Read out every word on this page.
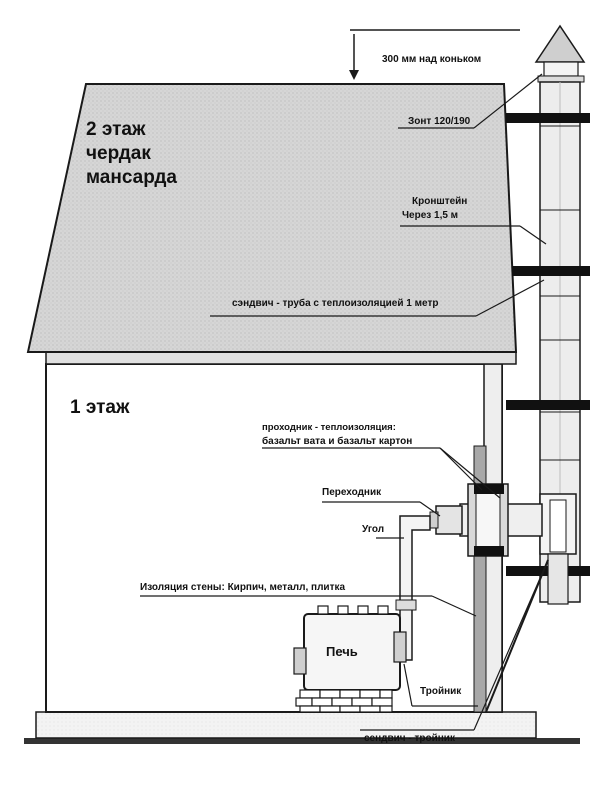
2 этаж
чердак
мансарда
1 этаж
300 мм над коньком
Зонт 120/190
Кронштейн
Через 1,5 м
сэндвич - труба с теплоизоляцией 1 метр
проходник - теплоизоляция:
базальт вата и базальт картон
Переходник
Угол
Изоляция стены: Кирпич, металл, плитка
Печь
Тройник
сендвич - тройник
